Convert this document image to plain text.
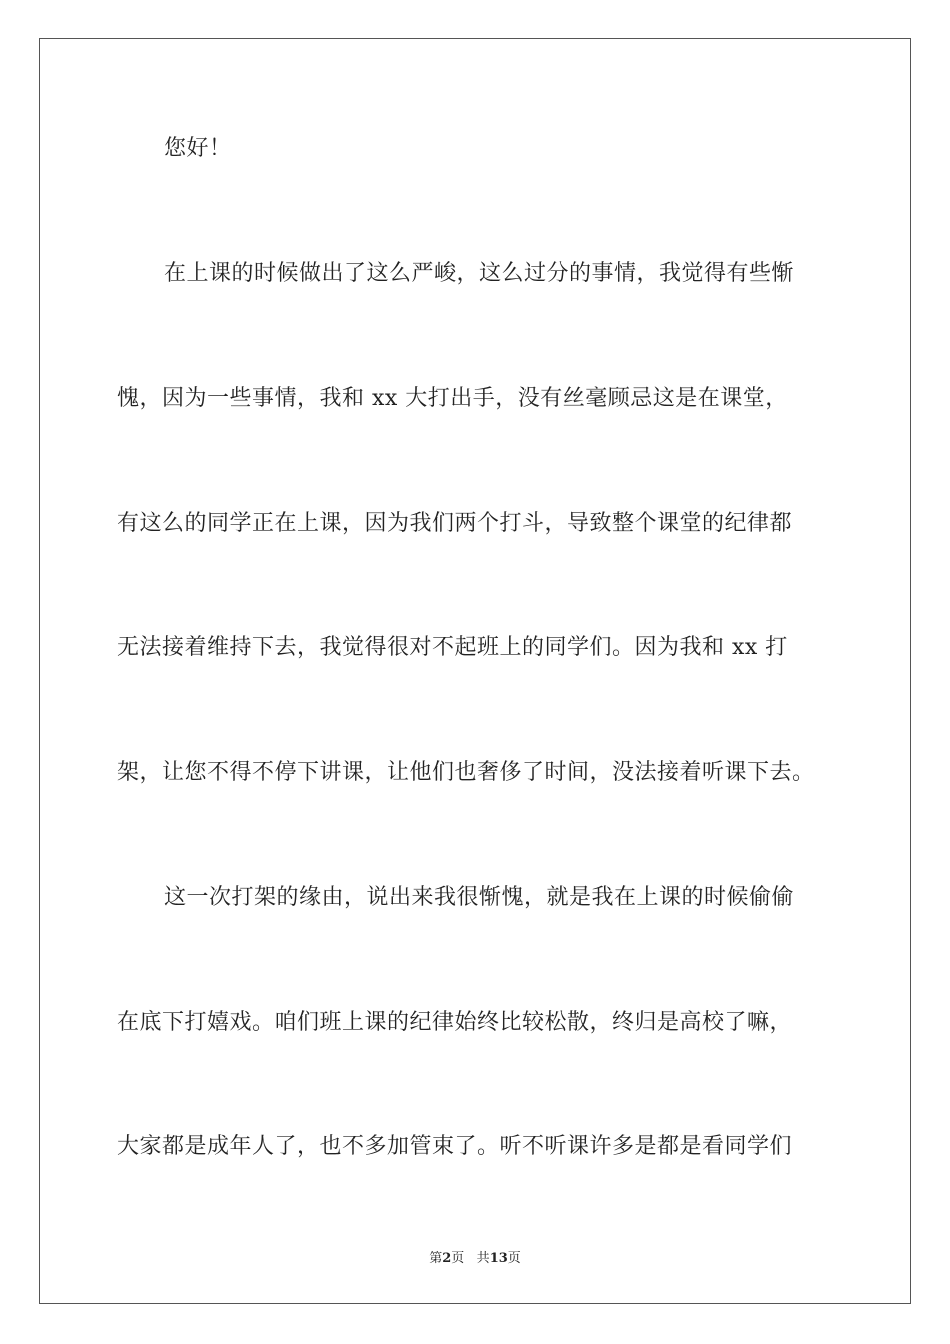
您好！
在上课的时候做出了这么严峻，这么过分的事情，我觉得有些惭
愧，因为一些事情，我和 xx 大打出手，没有丝毫顾忌这是在课堂，
有这么的同学正在上课，因为我们两个打斗，导致整个课堂的纪律都
无法接着维持下去，我觉得很对不起班上的同学们。因为我和 xx 打
架，让您不得不停下讲课，让他们也奢侈了时间，没法接着听课下去。
这一次打架的缘由，说出来我很惭愧，就是我在上课的时候偷偷
在底下打嬉戏。咱们班上课的纪律始终比较松散，终归是高校了嘛，
大家都是成年人了，也不多加管束了。听不听课许多是都是看同学们
第2页 共13页
